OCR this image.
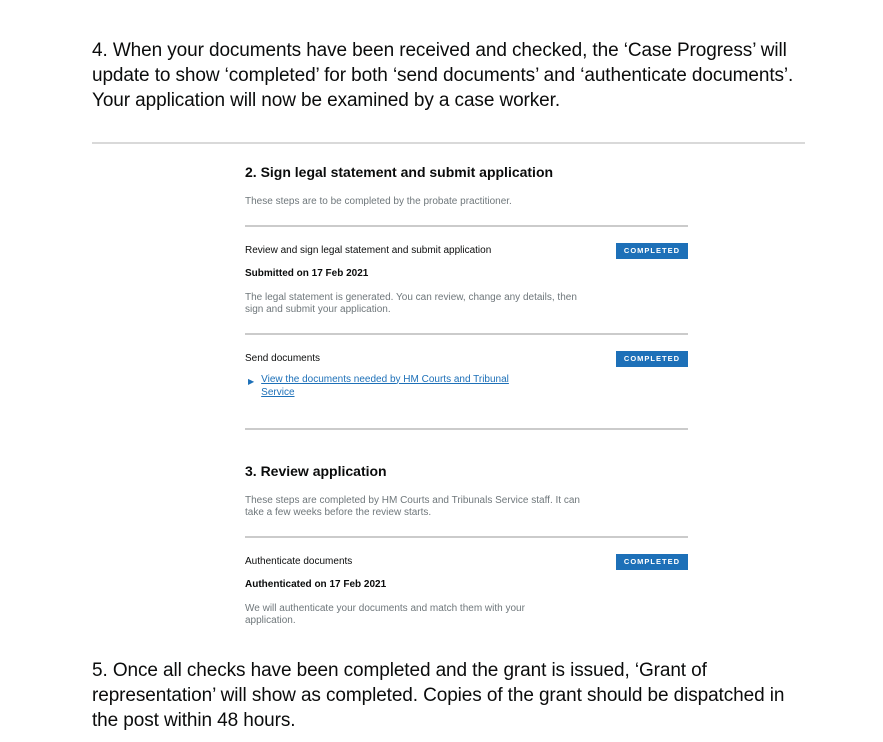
4. When your documents have been received and checked, the ‘Case Progress’ will update to show ‘completed’ for both ‘send documents’ and ‘authenticate documents’. Your application will now be examined by a case worker.

2. Sign legal statement and submit application

These steps are to be completed by the probate practitioner.

Review and sign legal statement and submit application	COMPLETED

Submitted on 17 Feb 2021

The legal statement is generated. You can review, change any details, then sign and submit your application.

Send documents	COMPLETED
▶ View the documents needed by HM Courts and Tribunal Service
3. Review application

These steps are completed by HM Courts and Tribunals Service staff. It can take a few weeks before the review starts.

Authenticate documents	COMPLETED

Authenticated on 17 Feb 2021

We will authenticate your documents and match them with your application.

5. Once all checks have been completed and the grant is issued, ‘Grant of representation’ will show as completed. Copies of the grant should be dispatched in the post within 48 hours.
